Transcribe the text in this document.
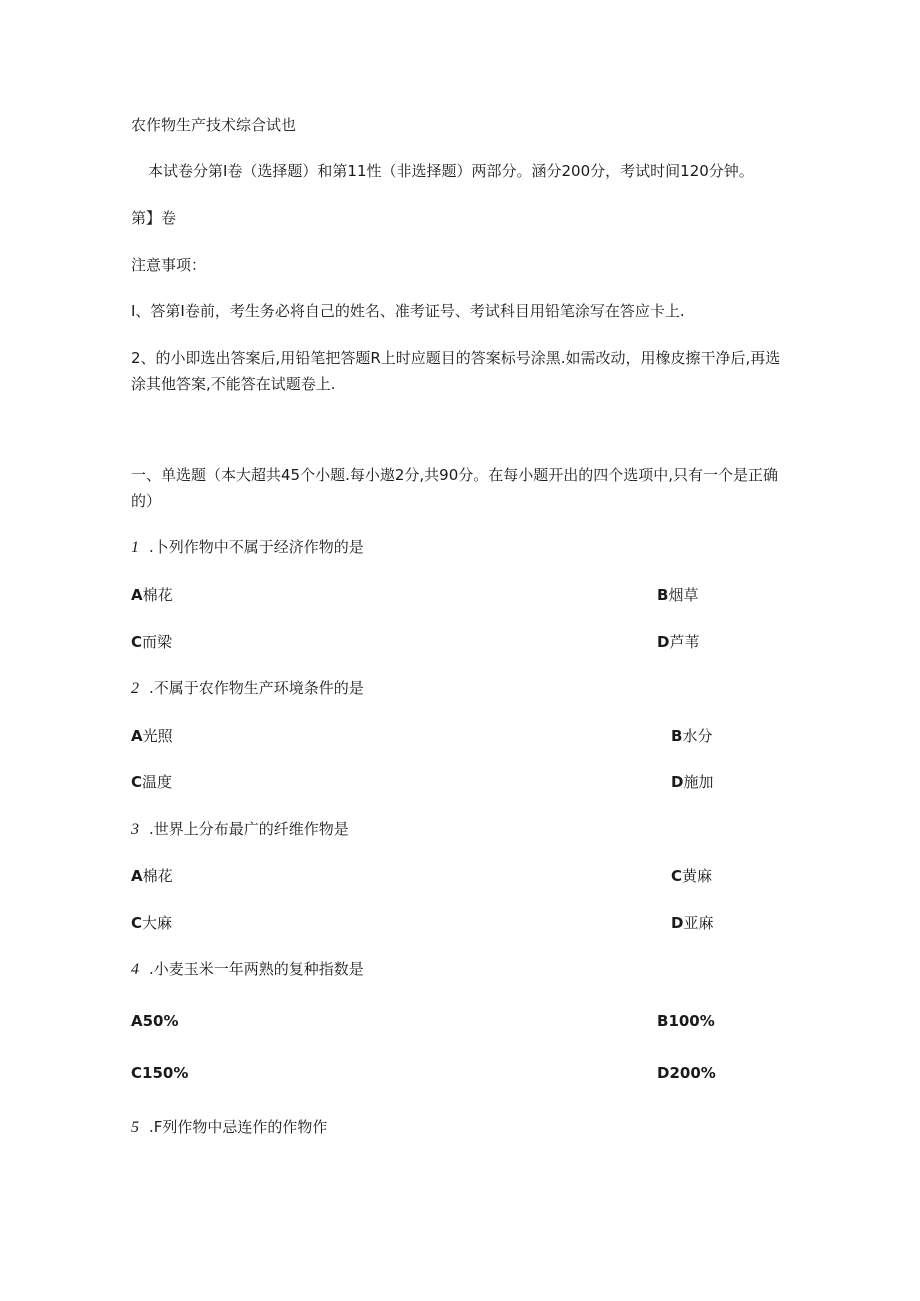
农作物生产技术综合试也
本试卷分第I卷（选择题）和第11性（非选择题）两部分。涵分200分，考试时间120分钟。
第】卷
注意事项：
I、答第I卷前，考生务必将自己的姓名、准考证号、考试科目用铅笔涂写在答应卡上.
2、的小即选出答案后,用铅笔把答题R上时应题目的答案标号涂黑.如需改动，用橡皮擦干净后,再选涂其他答案,不能答在试题卷上.
一、单选题（本大超共45个小题.每小遨2分,共90分。在每小题开出的四个选项中,只有一个是正确的）
1 .卜列作物中不属于经济作物的是
A棉花	B烟草
C而梁	D芦苇
2 .不属于农作物生产环境条件的是
A光照	B水分
C温度	D施加
3 .世界上分布最广的纤维作物是
A棉花	C黄麻
C大麻	D亚麻
4 .小麦玉米一年两熟的复种指数是
A50%	B100%
C150%	D200%
5 .F列作物中忌连作的作物作
